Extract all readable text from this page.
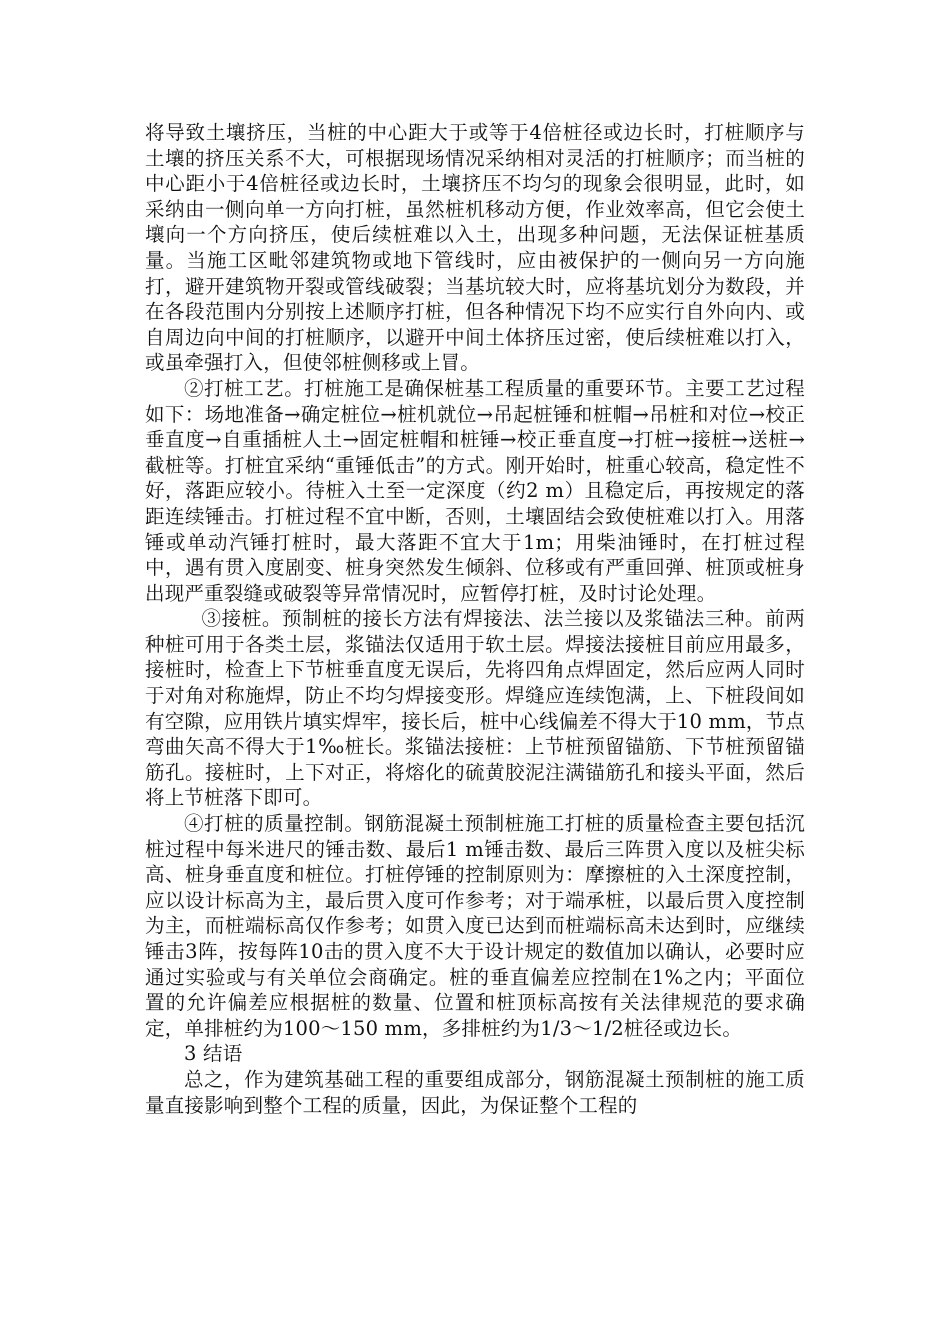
将导致土壤挤压，当桩的中心距大于或等于4倍桩径或边长时，打桩顺序与土壤的挤压关系不大，可根据现场情况采纳相对灵活的打桩顺序；而当桩的中心距小于4倍桩径或边长时，土壤挤压不均匀的现象会很明显，此时，如采纳由一侧向单一方向打桩，虽然桩机移动方便，作业效率高，但它会使土壤向一个方向挤压，使后续桩难以入土，出现多种问题，无法保证桩基质量。当施工区毗邻建筑物或地下管线时，应由被保护的一侧向另一方向施打，避开建筑物开裂或管线破裂；当基坑较大时，应将基坑划分为数段，并在各段范围内分别按上述顺序打桩，但各种情况下均不应实行自外向内、或自周边向中间的打桩顺序，以避开中间土体挤压过密，使后续桩难以打入，或虽牵强打入，但使邻桩侧移或上冒。

②打桩工艺。打桩施工是确保桩基工程质量的重要环节。主要工艺过程如下：场地准备→确定桩位→桩机就位→吊起桩锤和桩帽→吊桩和对位→校正垂直度→自重插桩人土→固定桩帽和桩锤→校正垂直度→打桩→接桩→送桩→截桩等。打桩宜采纳“重锤低击”的方式。刚开始时，桩重心较高，稳定性不好，落距应较小。待桩入土至一定深度（约2 m）且稳定后，再按规定的落距连续锤击。打桩过程不宜中断，否则，土壤固结会致使桩难以打入。用落锤或单动汽锤打桩时，最大落距不宜大于1m；用柴油锤时，在打桩过程中，遇有贯入度剧变、桩身突然发生倾斜、位移或有严重回弹、桩顶或桩身出现严重裂缝或破裂等异常情况时，应暂停打桩，及时讨论处理。

③接桩。预制桩的接长方法有焊接法、法兰接以及浆锚法三种。前两种桩可用于各类土层，浆锚法仅适用于软土层。焊接法接桩目前应用最多，接桩时，检查上下节桩垂直度无误后，先将四角点焊固定，然后应两人同时于对角对称施焊，防止不均匀焊接变形。焊缝应连续饱满，上、下桩段间如有空隙，应用铁片填实焊牢，接长后，桩中心线偏差不得大于10 mm，节点弯曲矢高不得大于1‰桩长。浆锚法接桩：上节桩预留锚筋、下节桩预留锚筋孔。接桩时，上下对正，将熔化的硫黄胶泥注满锚筋孔和接头平面，然后将上节桩落下即可。

④打桩的质量控制。钢筋混凝土预制桩施工打桩的质量检查主要包括沉桩过程中每米进尺的锤击数、最后1 m锤击数、最后三阵贯入度以及桩尖标高、桩身垂直度和桩位。打桩停锤的控制原则为：摩擦桩的入土深度控制，应以设计标高为主，最后贯入度可作参考；对于端承桩，以最后贯入度控制为主，而桩端标高仅作参考；如贯入度已达到而桩端标高未达到时，应继续锤击3阵，按每阵10击的贯入度不大于设计规定的数值加以确认，必要时应通过实验或与有关单位会商确定。桩的垂直偏差应控制在1%之内；平面位置的允许偏差应根据桩的数量、位置和桩顶标高按有关法律规范的要求确定，单排桩约为100～150 mm，多排桩约为1/3～1/2桩径或边长。

3 结语

总之，作为建筑基础工程的重要组成部分，钢筋混凝土预制桩的施工质量直接影响到整个工程的质量，因此，为保证整个工程的
